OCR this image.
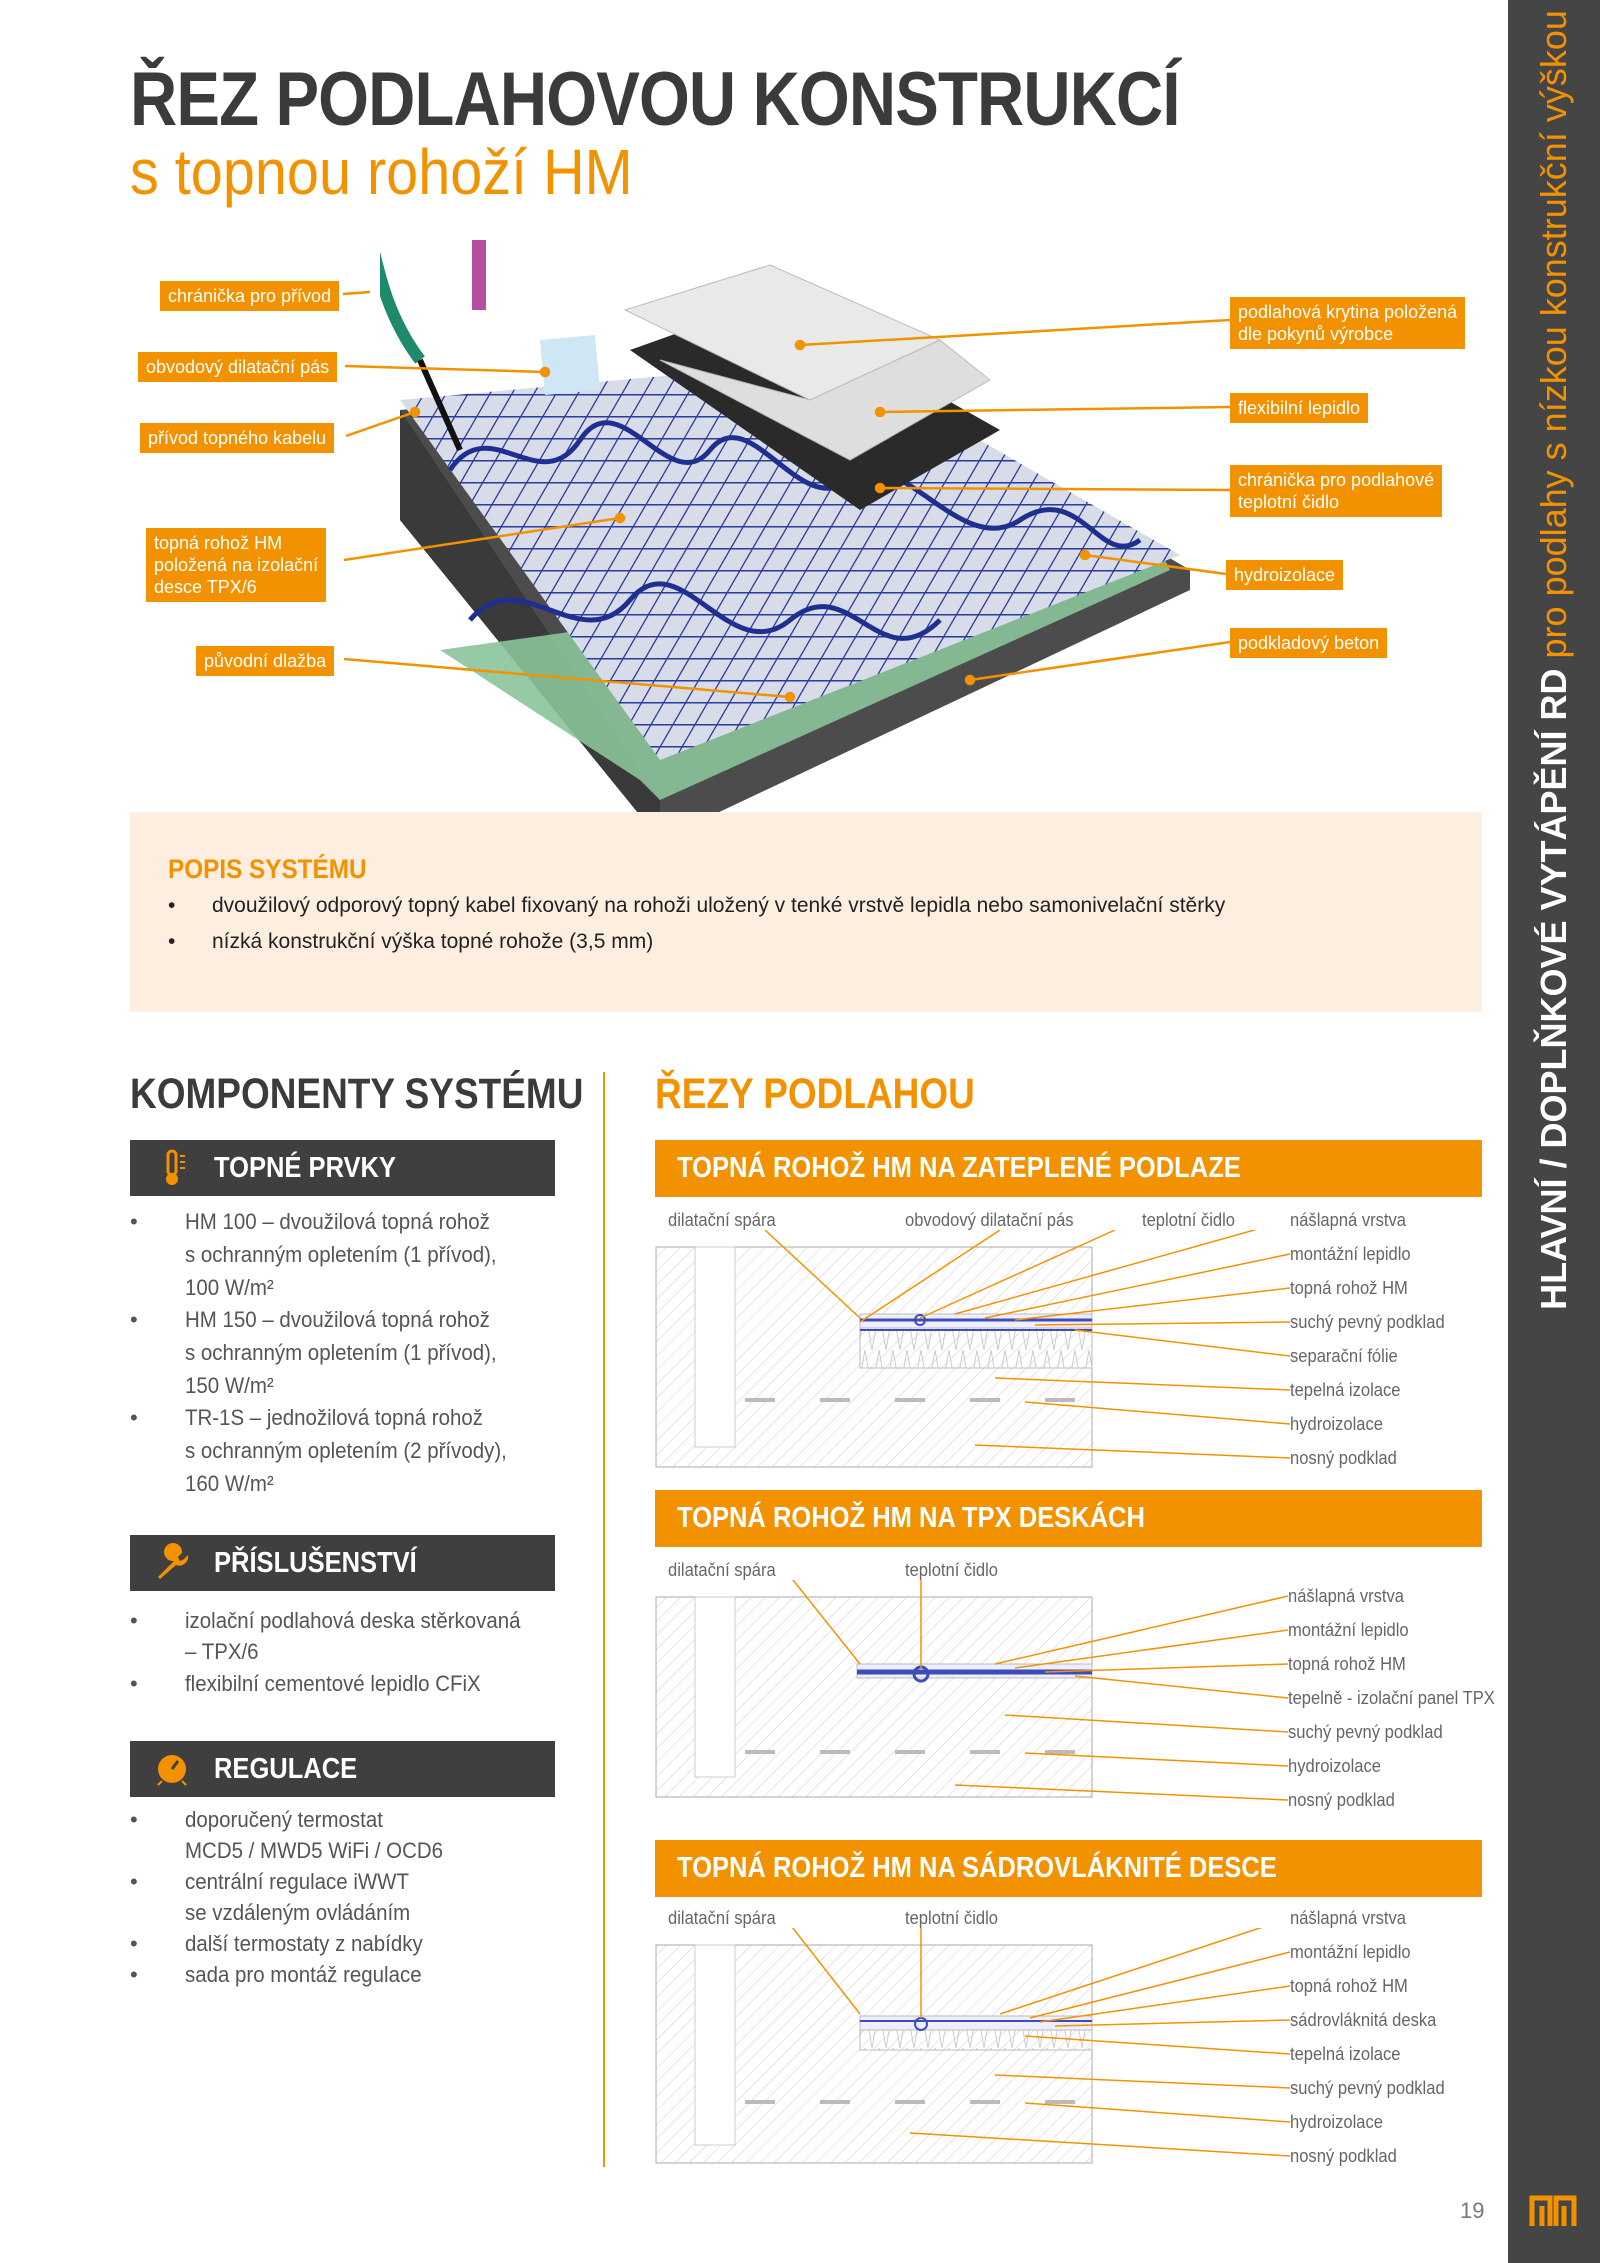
ŘEZ PODLAHOVOU KONSTRUKCÍ
s topnou rohoží HM
HLAVNÍ / DOPLŇKOVÉ VYTÁPĚNÍ RD pro podlahy s nízkou konstrukční výškou
19
chránička pro přívod
obvodový dilatační pás
přívod topného kabelu
topná rohož HM
položená na izolační
desce TPX/6
původní dlažba
podlahová krytina položená
dle pokynů výrobce
flexibilní lepidlo
chránička pro podlahové
teplotní čidlo
hydroizolace
podkladový beton
POPIS SYSTÉMU
• dvoužilový odporový topný kabel fixovaný na rohoži uložený v tenké vrstvě lepidla nebo samonivelační stěrky
• nízká konstrukční výška topné rohože (3,5 mm)
KOMPONENTY SYSTÉMU ŘEZY PODLAHOU
TOPNÉ PRVKY
• HM 100 – dvoužilová topná rohož
s ochranným opletením (1 přívod),
100 W/m²
• HM 150 – dvoužilová topná rohož
s ochranným opletením (1 přívod),
150 W/m²
• TR-1S – jednožilová topná rohož
s ochranným opletením (2 přívody),
160 W/m²
PŘÍSLUŠENSTVÍ
• izolační podlahová deska stěrkovaná
– TPX/6
• flexibilní cementové lepidlo CFiX
REGULACE
• doporučený termostat
MCD5 / MWD5 WiFi / OCD6
• centrální regulace iWWT
se vzdáleným ovládáním
• další termostaty z nabídky
• sada pro montáž regulace
TOPNÁ ROHOŽ HM NA ZATEPLENÉ PODLAZE
dilatační spára	obvodový dilatační pás	teplotní čidlo	nášlapná vrstva
montážní lepidlo
topná rohož HM
suchý pevný podklad
separační fólie
tepelná izolace
hydroizolace
nosný podklad
TOPNÁ ROHOŽ HM NA TPX DESKÁCH
dilatační spára	teplotní čidlo
nášlapná vrstva
montážní lepidlo
topná rohož HM
tepelně - izolační panel TPX
suchý pevný podklad
hydroizolace
nosný podklad
TOPNÁ ROHOŽ HM NA SÁDROVLÁKNITÉ DESCE
dilatační spára	teplotní čidlo	nášlapná vrstva
montážní lepidlo
topná rohož HM
sádrovláknitá deska
tepelná izolace
suchý pevný podklad
hydroizolace
nosný podklad
